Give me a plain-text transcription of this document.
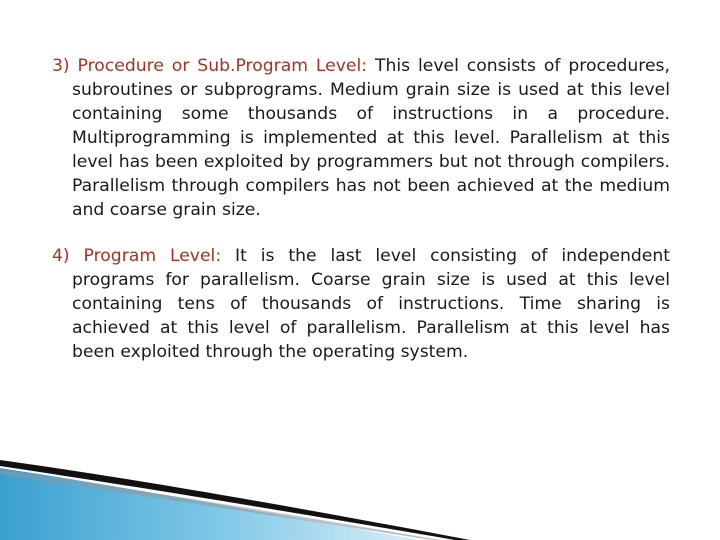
3) Procedure or Sub.Program Level: This level consists of procedures, subroutines or subprograms. Medium grain size is used at this level containing some thousands of instructions in a procedure. Multiprogramming is implemented at this level. Parallelism at this level has been exploited by programmers but not through compilers. Parallelism through compilers has not been achieved at the medium and coarse grain size.

4) Program Level: It is the last level consisting of independent programs for parallelism. Coarse grain size is used at this level containing tens of thousands of instructions. Time sharing is achieved at this level of parallelism. Parallelism at this level has been exploited through the operating system.
